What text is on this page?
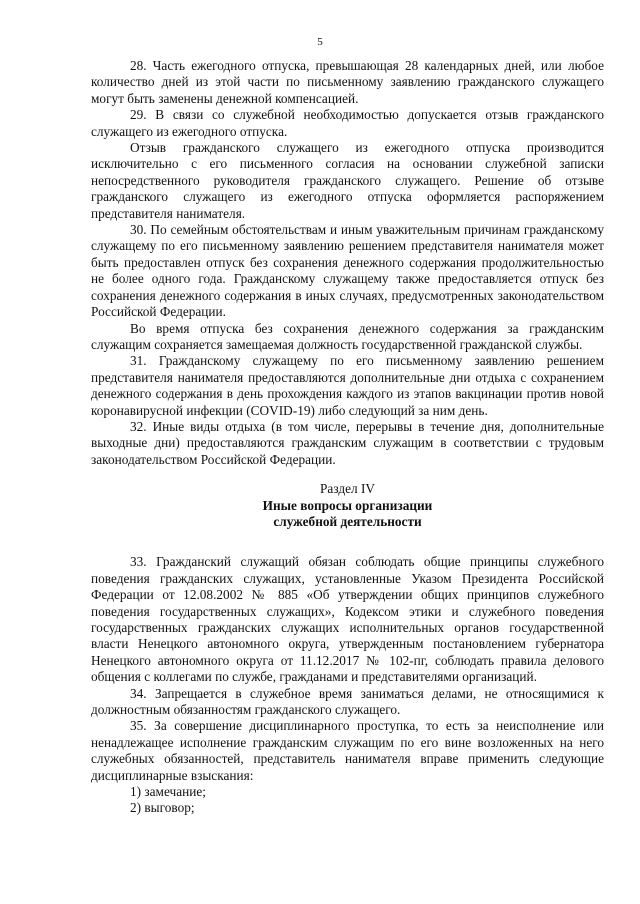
5

28. Часть ежегодного отпуска, превышающая 28 календарных дней, или любое количество дней из этой части по письменному заявлению гражданского служащего могут быть заменены денежной компенсацией.

29. В связи со служебной необходимостью допускается отзыв гражданского служащего из ежегодного отпуска.

Отзыв гражданского служащего из ежегодного отпуска производится исключительно с его письменного согласия на основании служебной записки непосредственного руководителя гражданского служащего. Решение об отзыве гражданского служащего из ежегодного отпуска оформляется распоряжением представителя нанимателя.

30. По семейным обстоятельствам и иным уважительным причинам гражданскому служащему по его письменному заявлению решением представителя нанимателя может быть предоставлен отпуск без сохранения денежного содержания продолжительностью не более одного года. Гражданскому служащему также предоставляется отпуск без сохранения денежного содержания в иных случаях, предусмотренных законодательством Российской Федерации.

Во время отпуска без сохранения денежного содержания за гражданским служащим сохраняется замещаемая должность государственной гражданской службы.

31. Гражданскому служащему по его письменному заявлению решением представителя нанимателя предоставляются дополнительные дни отдыха с сохранением денежного содержания в день прохождения каждого из этапов вакцинации против новой коронавирусной инфекции (COVID-19) либо следующий за ним день.

32. Иные виды отдыха (в том числе, перерывы в течение дня, дополнительные выходные дни) предоставляются гражданским служащим в соответствии с трудовым законодательством Российской Федерации.

Раздел IV
Иные вопросы организации
служебной деятельности

33. Гражданский служащий обязан соблюдать общие принципы служебного поведения гражданских служащих, установленные Указом Президента Российской Федерации от 12.08.2002 № 885 «Об утверждении общих принципов служебного поведения государственных служащих», Кодексом этики и служебного поведения государственных гражданских служащих исполнительных органов государственной власти Ненецкого автономного округа, утвержденным постановлением губернатора Ненецкого автономного округа от 11.12.2017 № 102-пг, соблюдать правила делового общения с коллегами по службе, гражданами и представителями организаций.

34. Запрещается в служебное время заниматься делами, не относящимися к должностным обязанностям гражданского служащего.

35. За совершение дисциплинарного проступка, то есть за неисполнение или ненадлежащее исполнение гражданским служащим по его вине возложенных на него служебных обязанностей, представитель нанимателя вправе применить следующие дисциплинарные взыскания:

1) замечание;

2) выговор;
